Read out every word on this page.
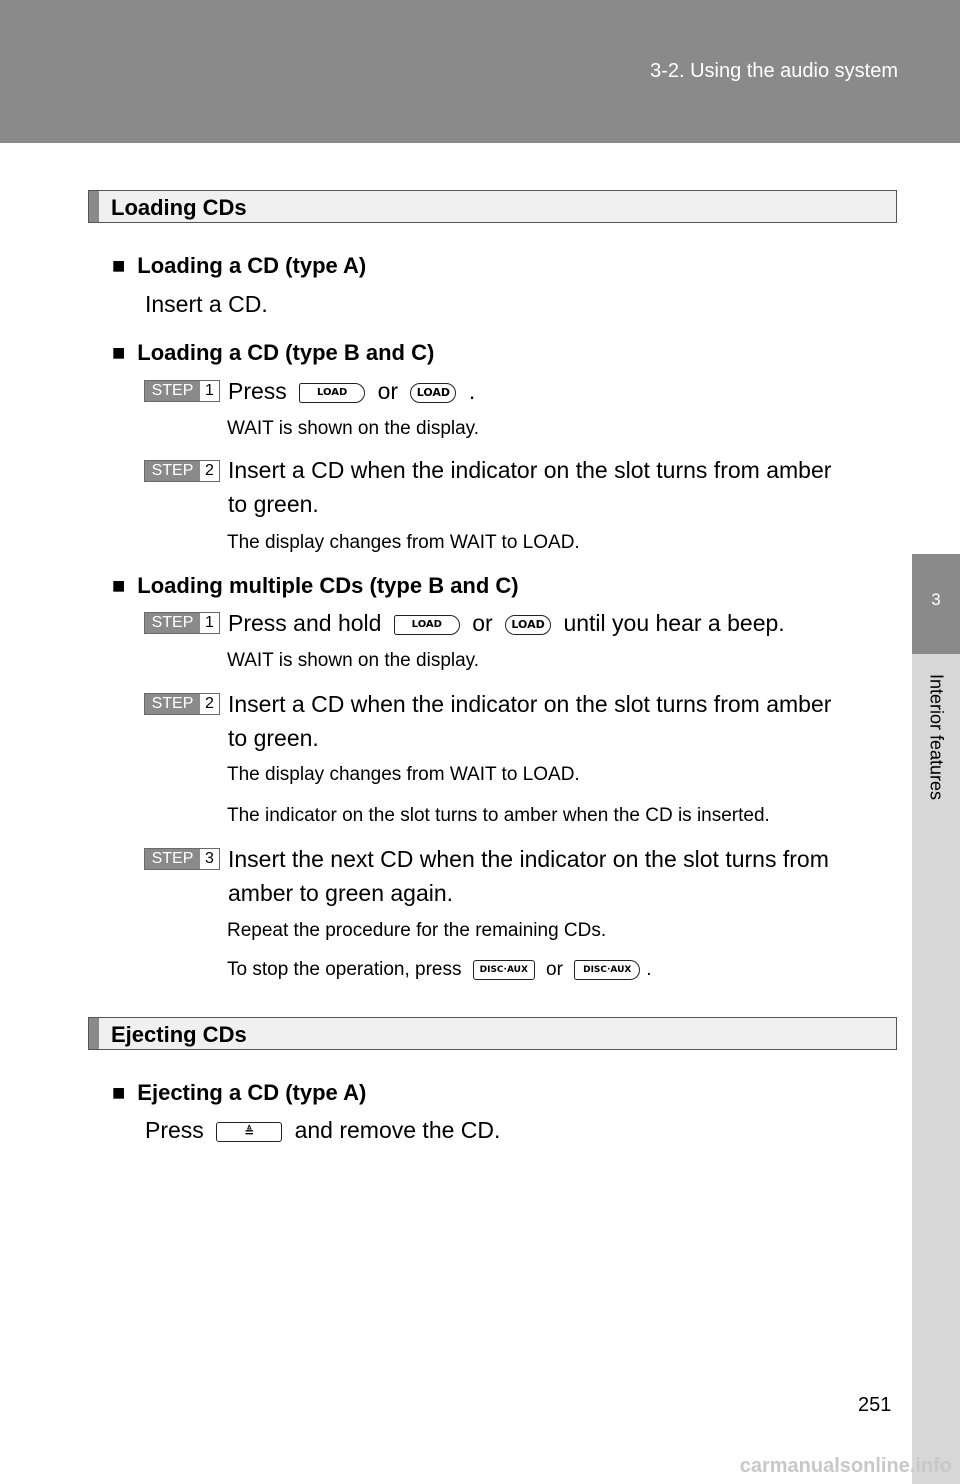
3-2. Using the audio system
3
Interior features
Loading CDs
■ Loading a CD (type A)
Insert a CD.
■ Loading a CD (type B and C)
STEP 1 Press	LOAD or LOAD .
WAIT is shown on the display.
STEP 2 Insert a CD when the indicator on the slot turns from amber
to green.
The display changes from WAIT to LOAD.
■ Loading multiple CDs (type B and C)
STEP 1 Press and hold	LOAD or LOAD until you hear a beep.
WAIT is shown on the display.
STEP 2 Insert a CD when the indicator on the slot turns from amber
to green.
The display changes from WAIT to LOAD.
The indicator on the slot turns to amber when the CD is inserted.
STEP 3 Insert the next CD when the indicator on the slot turns from
amber to green again.
Repeat the procedure for the remaining CDs.
To stop the operation, press DISC·AUX or DISC·AUX .
Ejecting CDs
■ Ejecting a CD (type A)
Press	≜ and remove the CD.
251
carmanualsonline.info
